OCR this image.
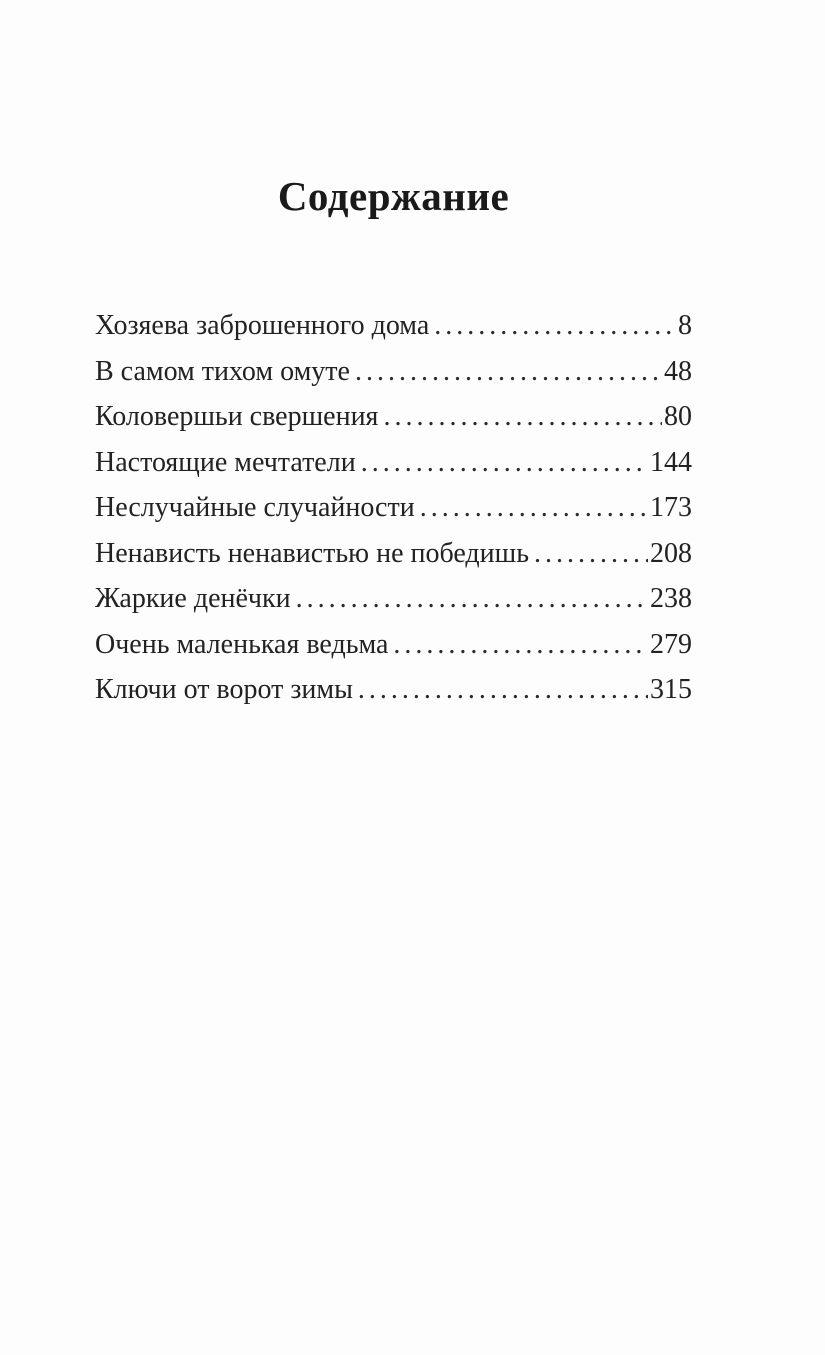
Содержание
Хозяева заброшенного дома .....	8
В самом тихом омуте .....	48
Коловершьи свершения .....	80
Настоящие мечтатели .....	144
Неслучайные случайности .....	173
Ненависть ненавистью не победишь .....	208
Жаркие денёчки .....	238
Очень маленькая ведьма .....	279
Ключи от ворот зимы .....	315
